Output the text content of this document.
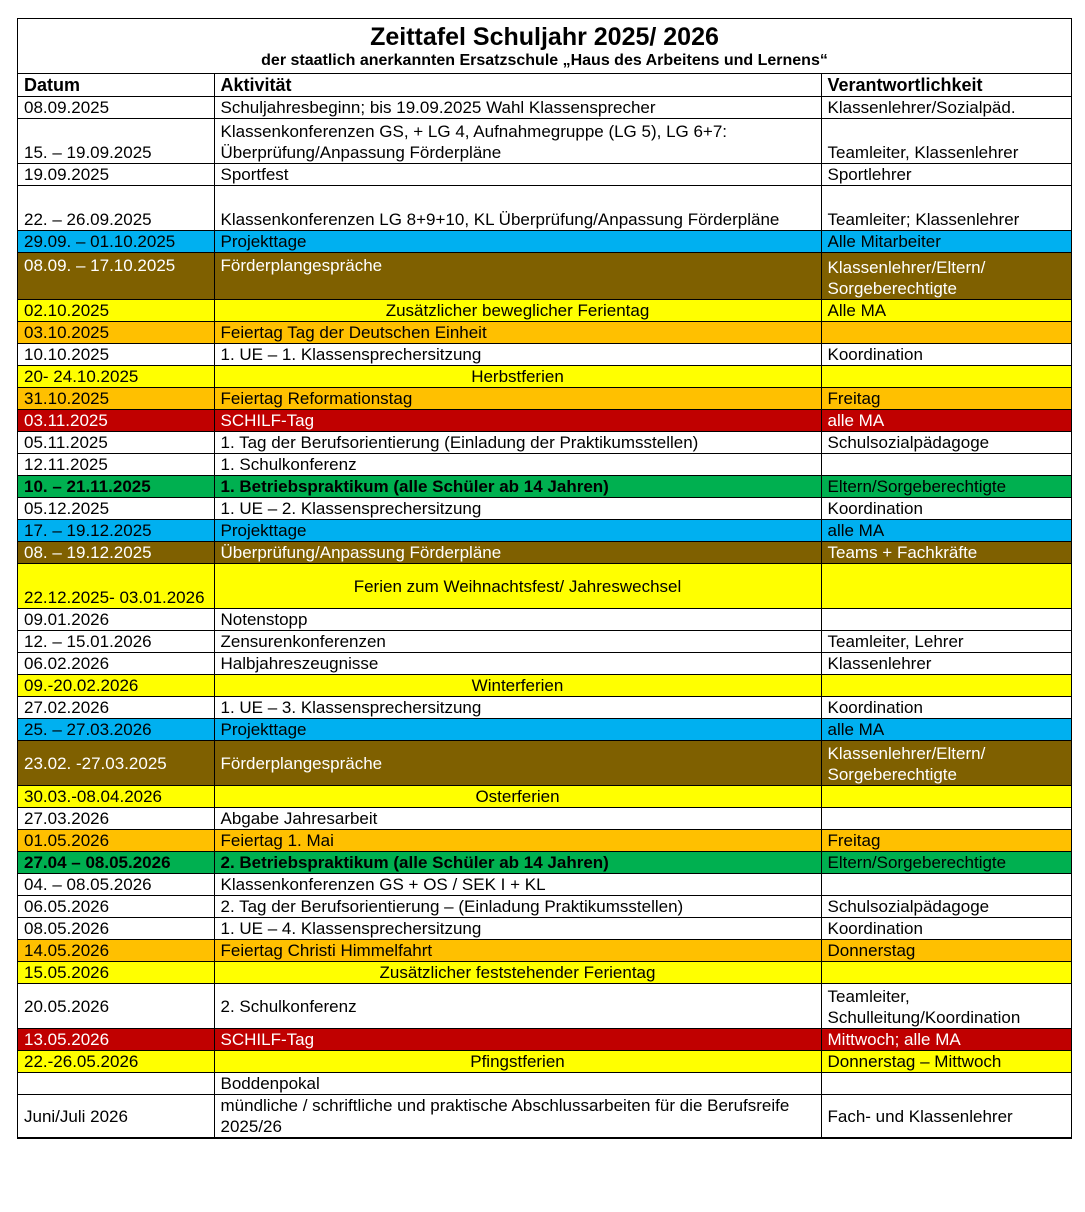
Zeittafel Schuljahr 2025/ 2026
der staatlich anerkannten Ersatzschule „Haus des Arbeitens und Lernens“
Datum	Aktivität	Verantwortlichkeit
08.09.2025	Schuljahresbeginn; bis 19.09.2025 Wahl Klassensprecher	Klassenlehrer/Sozialpäd.
15. – 19.09.2025	Klassenkonferenzen GS, + LG 4, Aufnahmegruppe (LG 5), LG 6+7: Überprüfung/Anpassung Förderpläne	Teamleiter, Klassenlehrer
19.09.2025	Sportfest	Sportlehrer
22. – 26.09.2025	Klassenkonferenzen LG 8+9+10, KL Überprüfung/Anpassung Förderpläne	Teamleiter; Klassenlehrer
29.09. – 01.10.2025	Projekttage	Alle Mitarbeiter
08.09. – 17.10.2025	Förderplangespräche	Klassenlehrer/Eltern/ Sorgeberechtigte
02.10.2025	Zusätzlicher beweglicher Ferientag	Alle MA
03.10.2025	Feiertag Tag der Deutschen Einheit	
10.10.2025	1. UE – 1. Klassensprechersitzung	Koordination
20- 24.10.2025	Herbstferien	
31.10.2025	Feiertag Reformationstag	Freitag
03.11.2025	SCHILF-Tag	alle MA
05.11.2025	1. Tag der Berufsorientierung (Einladung der Praktikumsstellen)	Schulsozialpädagoge
12.11.2025	1. Schulkonferenz	
10. – 21.11.2025	1. Betriebspraktikum (alle Schüler ab 14 Jahren)	Eltern/Sorgeberechtigte
05.12.2025	1. UE – 2. Klassensprechersitzung	Koordination
17. – 19.12.2025	Projekttage	alle MA
08. – 19.12.2025	Überprüfung/Anpassung Förderpläne	Teams + Fachkräfte
22.12.2025- 03.01.2026	Ferien zum Weihnachtsfest/ Jahreswechsel	
09.01.2026	Notenstopp	
12. – 15.01.2026	Zensurenkonferenzen	Teamleiter, Lehrer
06.02.2026	Halbjahreszeugnisse	Klassenlehrer
09.-20.02.2026	Winterferien	
27.02.2026	1. UE – 3. Klassensprechersitzung	Koordination
25. – 27.03.2026	Projekttage	alle MA
23.02. -27.03.2025	Förderplangespräche	Klassenlehrer/Eltern/ Sorgeberechtigte
30.03.-08.04.2026	Osterferien	
27.03.2026	Abgabe Jahresarbeit	
01.05.2026	Feiertag 1. Mai	Freitag
27.04 – 08.05.2026	2. Betriebspraktikum (alle Schüler ab 14 Jahren)	Eltern/Sorgeberechtigte
04. – 08.05.2026	Klassenkonferenzen GS + OS / SEK I + KL	
06.05.2026	2. Tag der Berufsorientierung – (Einladung Praktikumsstellen)	Schulsozialpädagoge
08.05.2026	1. UE – 4. Klassensprechersitzung	Koordination
14.05.2026	Feiertag Christi Himmelfahrt	Donnerstag
15.05.2026	Zusätzlicher feststehender Ferientag	
20.05.2026	2. Schulkonferenz	Teamleiter, Schulleitung/Koordination
13.05.2026	SCHILF-Tag	Mittwoch; alle MA
22.-26.05.2026	Pfingstferien	Donnerstag – Mittwoch
	Boddenpokal	
Juni/Juli 2026	mündliche / schriftliche und praktische Abschlussarbeiten für die Berufsreife 2025/26	Fach- und Klassenlehrer
